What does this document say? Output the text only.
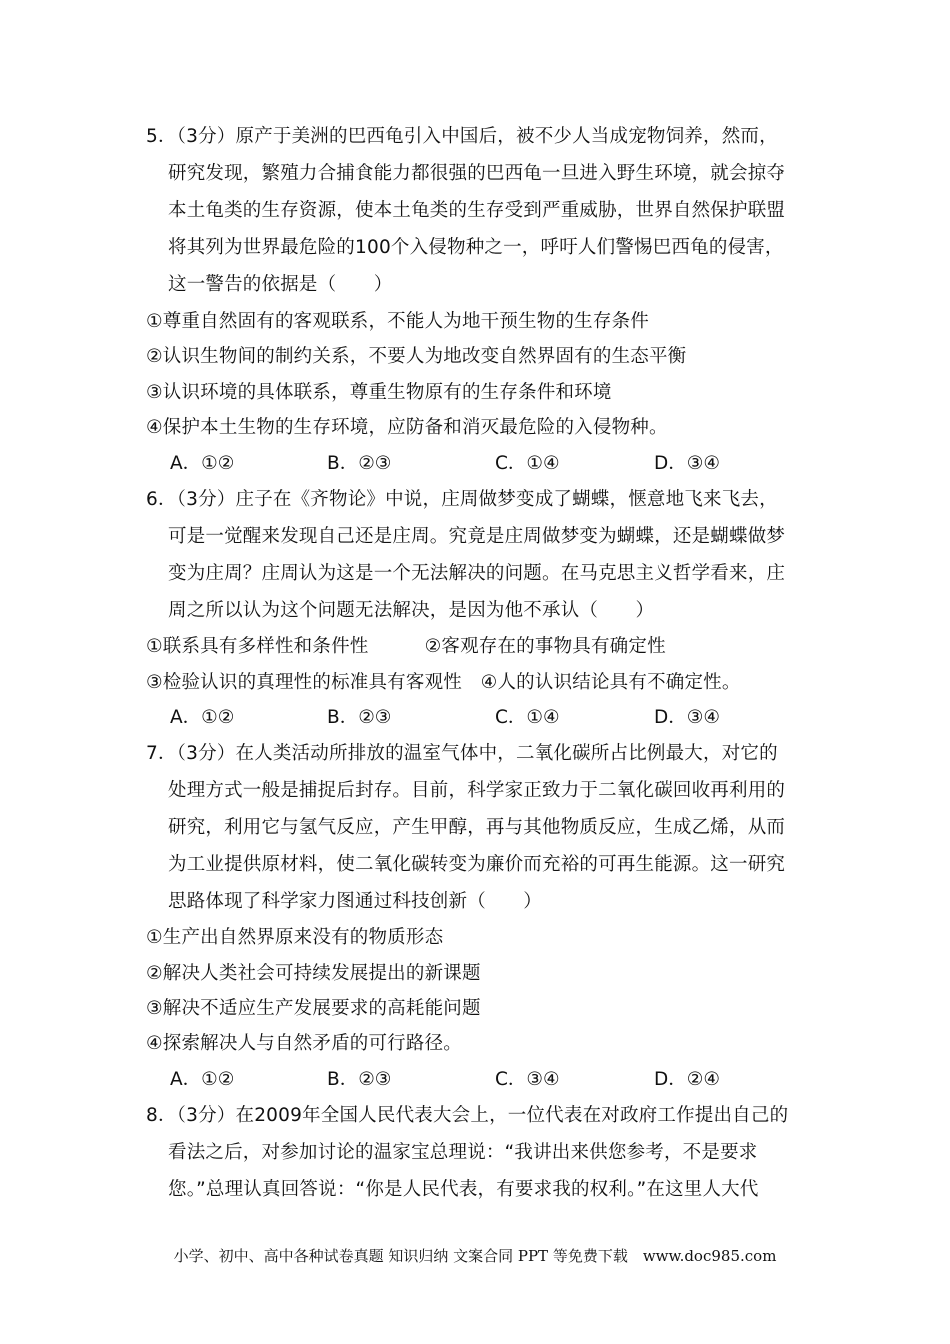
5．（3分）原产于美洲的巴西龟引入中国后，被不少人当成宠物饲养，然而，
研究发现，繁殖力合捕食能力都很强的巴西龟一旦进入野生环境，就会掠夺
本土龟类的生存资源，使本土龟类的生存受到严重威胁，世界自然保护联盟
将其列为世界最危险的100个入侵物种之一，呼吁人们警惕巴西龟的侵害，
这一警告的依据是（　　）
①尊重自然固有的客观联系，不能人为地干预生物的生存条件
②认识生物间的制约关系，不要人为地改变自然界固有的生态平衡
③认识环境的具体联系，尊重生物原有的生存条件和环境
④保护本土生物的生存环境，应防备和消灭最危险的入侵物种。
A．①②	B．②③	C．①④	D．③④
6．（3分）庄子在《齐物论》中说，庄周做梦变成了蝴蝶，惬意地飞来飞去，
可是一觉醒来发现自己还是庄周。究竟是庄周做梦变为蝴蝶，还是蝴蝶做梦
变为庄周？庄周认为这是一个无法解决的问题。在马克思主义哲学看来，庄
周之所以认为这个问题无法解决，是因为他不承认（　　）
①联系具有多样性和条件性　　　②客观存在的事物具有确定性
③检验认识的真理性的标准具有客观性　④人的认识结论具有不确定性。
A．①②	B．②③	C．①④	D．③④
7．（3分）在人类活动所排放的温室气体中，二氧化碳所占比例最大，对它的
处理方式一般是捕捉后封存。目前，科学家正致力于二氧化碳回收再利用的
研究，利用它与氢气反应，产生甲醇，再与其他物质反应，生成乙烯，从而
为工业提供原材料，使二氧化碳转变为廉价而充裕的可再生能源。这一研究
思路体现了科学家力图通过科技创新（　　）
①生产出自然界原来没有的物质形态
②解决人类社会可持续发展提出的新课题
③解决不适应生产发展要求的高耗能问题
④探索解决人与自然矛盾的可行路径。
A．①②	B．②③	C．③④	D．②④
8．（3分）在2009年全国人民代表大会上，一位代表在对政府工作提出自己的
看法之后，对参加讨论的温家宝总理说：“我讲出来供您参考，不是要求
您。”总理认真回答说：“你是人民代表，有要求我的权利。”在这里人大代
小学、初中、高中各种试卷真题 知识归纳 文案合同 PPT 等免费下载　www.doc985.com
